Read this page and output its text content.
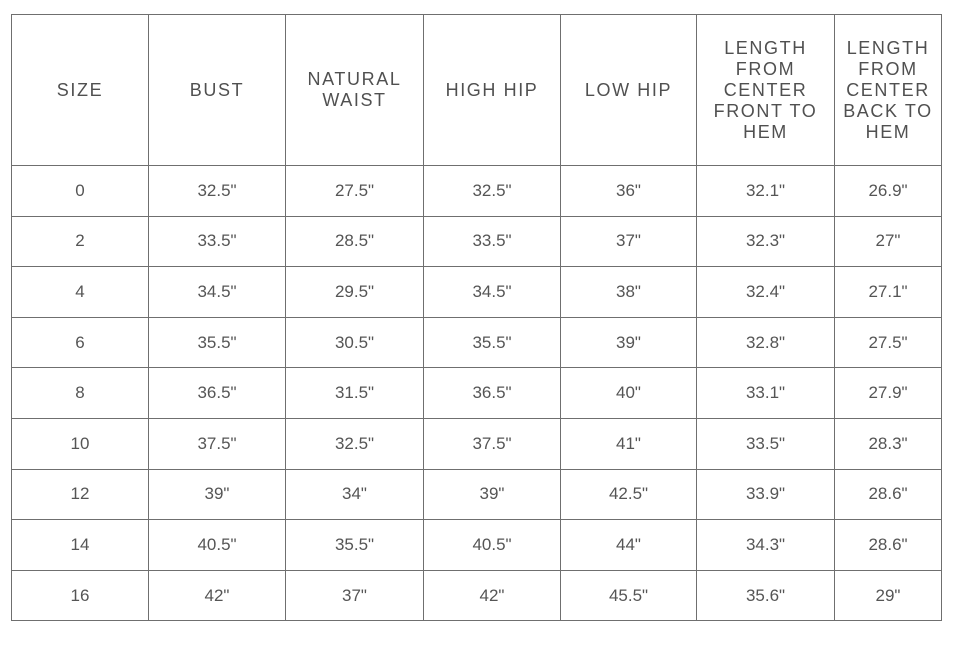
SIZE	BUST	NATURAL WAIST	HIGH HIP	LOW HIP	LENGTH FROM CENTER FRONT TO HEM	LENGTH FROM CENTER BACK TO HEM
0	32.5"	27.5"	32.5"	36"	32.1"	26.9"
2	33.5"	28.5"	33.5"	37"	32.3"	27"
4	34.5"	29.5"	34.5"	38"	32.4"	27.1"
6	35.5"	30.5"	35.5"	39"	32.8"	27.5"
8	36.5"	31.5"	36.5"	40"	33.1"	27.9"
10	37.5"	32.5"	37.5"	41"	33.5"	28.3"
12	39"	34"	39"	42.5"	33.9"	28.6"
14	40.5"	35.5"	40.5"	44"	34.3"	28.6"
16	42"	37"	42"	45.5"	35.6"	29"
